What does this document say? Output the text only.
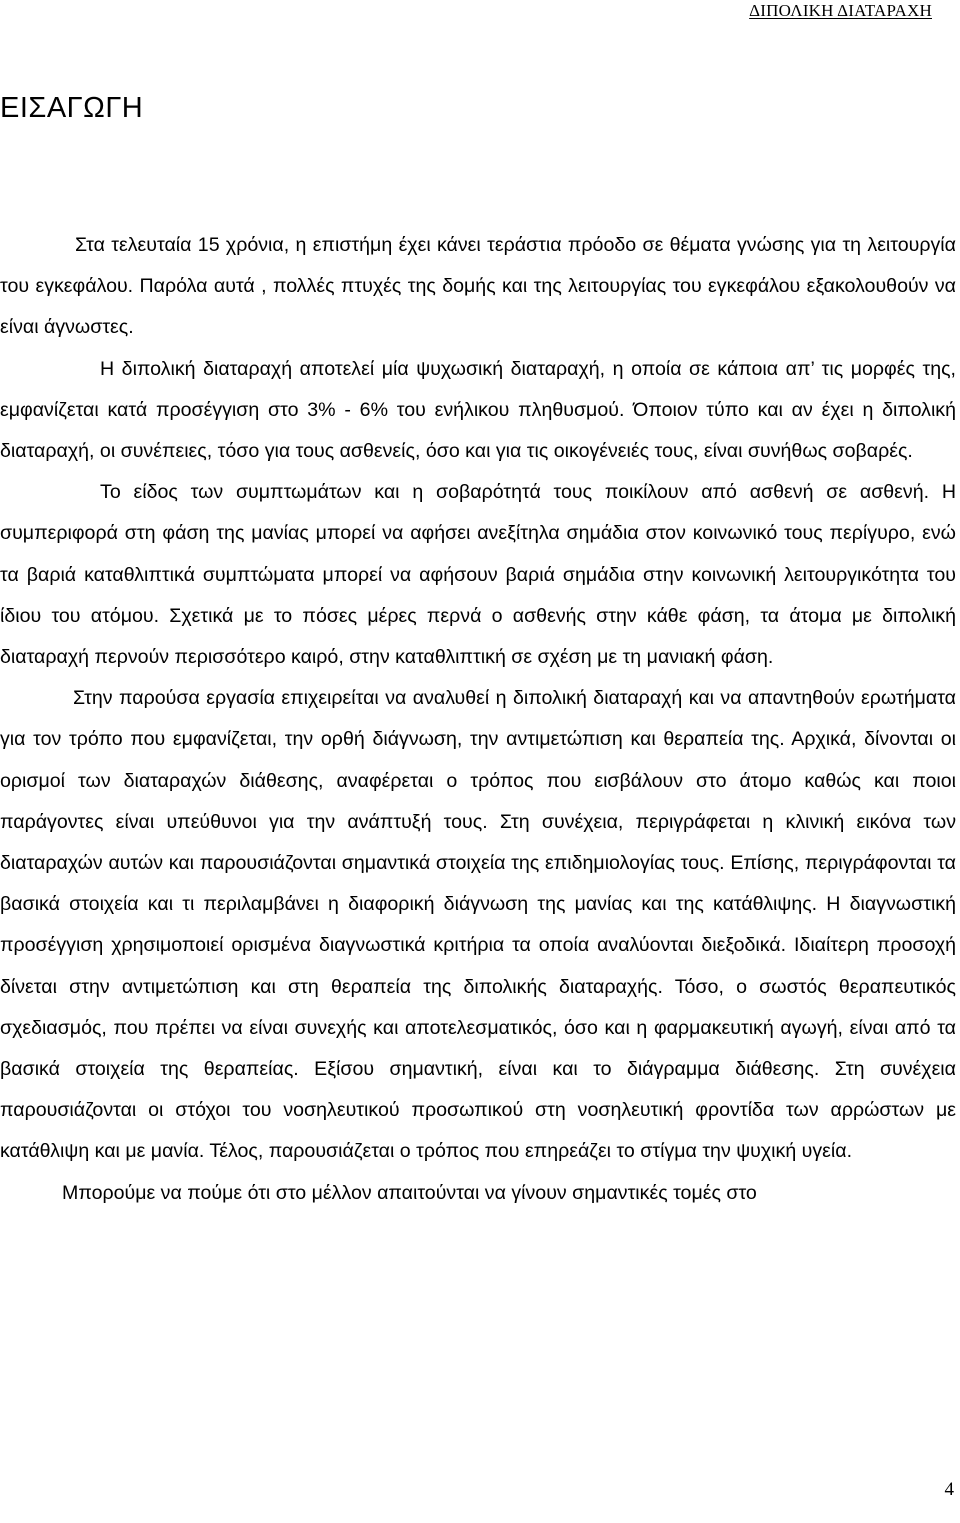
ΔΙΠΟΛΙΚΗ ΔΙΑΤΑΡΑΧΗ
ΕΙΣΑΓΩΓΗ

Στα τελευταία 15 χρόνια, η επιστήμη έχει κάνει τεράστια πρόοδο σε θέματα γνώσης για τη λειτουργία του εγκεφάλου. Παρόλα αυτά , πολλές πτυχές της δομής και της λειτουργίας του εγκεφάλου εξακολουθούν να είναι άγνωστες.

Η διπολική διαταραχή αποτελεί μία ψυχωσική διαταραχή, η οποία σε κάποια απ’ τις μορφές της, εμφανίζεται κατά προσέγγιση στο 3% - 6% του ενήλικου πληθυσμού. Όποιον τύπο και αν έχει η διπολική διαταραχή, οι συνέπειες, τόσο για τους ασθενείς, όσο και για τις οικογένειές τους, είναι συνήθως σοβαρές.

Το είδος των συμπτωμάτων και η σοβαρότητά τους ποικίλουν από ασθενή σε ασθενή. Η συμπεριφορά στη φάση της μανίας μπορεί να αφήσει ανεξίτηλα σημάδια στον κοινωνικό τους περίγυρο, ενώ τα βαριά καταθλιπτικά συμπτώματα μπορεί να αφήσουν βαριά σημάδια στην κοινωνική λειτουργικότητα του ίδιου του ατόμου. Σχετικά με το πόσες μέρες περνά ο ασθενής στην κάθε φάση, τα άτομα με διπολική διαταραχή περνούν περισσότερο καιρό, στην καταθλιπτική σε σχέση με τη μανιακή φάση.

Στην παρούσα εργασία επιχειρείται να αναλυθεί η διπολική διαταραχή και να απαντηθούν ερωτήματα για τον τρόπο που εμφανίζεται, την ορθή διάγνωση, την αντιμετώπιση και θεραπεία της. Αρχικά, δίνονται οι ορισμοί των διαταραχών διάθεσης, αναφέρεται ο τρόπος που εισβάλουν στο άτομο καθώς και ποιοι παράγοντες είναι υπεύθυνοι για την ανάπτυξή τους. Στη συνέχεια, περιγράφεται η κλινική εικόνα των διαταραχών αυτών και παρουσιάζονται σημαντικά στοιχεία της επιδημιολογίας τους. Επίσης, περιγράφονται τα βασικά στοιχεία και τι περιλαμβάνει η διαφορική διάγνωση της μανίας και της κατάθλιψης. Η διαγνωστική προσέγγιση χρησιμοποιεί ορισμένα διαγνωστικά κριτήρια τα οποία αναλύονται διεξοδικά. Ιδιαίτερη προσοχή δίνεται στην αντιμετώπιση και στη θεραπεία της διπολικής διαταραχής. Τόσο, ο σωστός θεραπευτικός σχεδιασμός, που πρέπει να είναι συνεχής και αποτελεσματικός, όσο και η φαρμακευτική αγωγή, είναι από τα βασικά στοιχεία της θεραπείας. Εξίσου σημαντική, είναι και το διάγραμμα διάθεσης. Στη συνέχεια παρουσιάζονται οι στόχοι του νοσηλευτικού προσωπικού στη νοσηλευτική φροντίδα των αρρώστων με κατάθλιψη και με μανία. Τέλος, παρουσιάζεται ο τρόπος που επηρεάζει το στίγμα την ψυχική υγεία.

Μπορούμε να πούμε ότι στο μέλλον απαιτούνται να γίνουν σημαντικές τομές στο

4
